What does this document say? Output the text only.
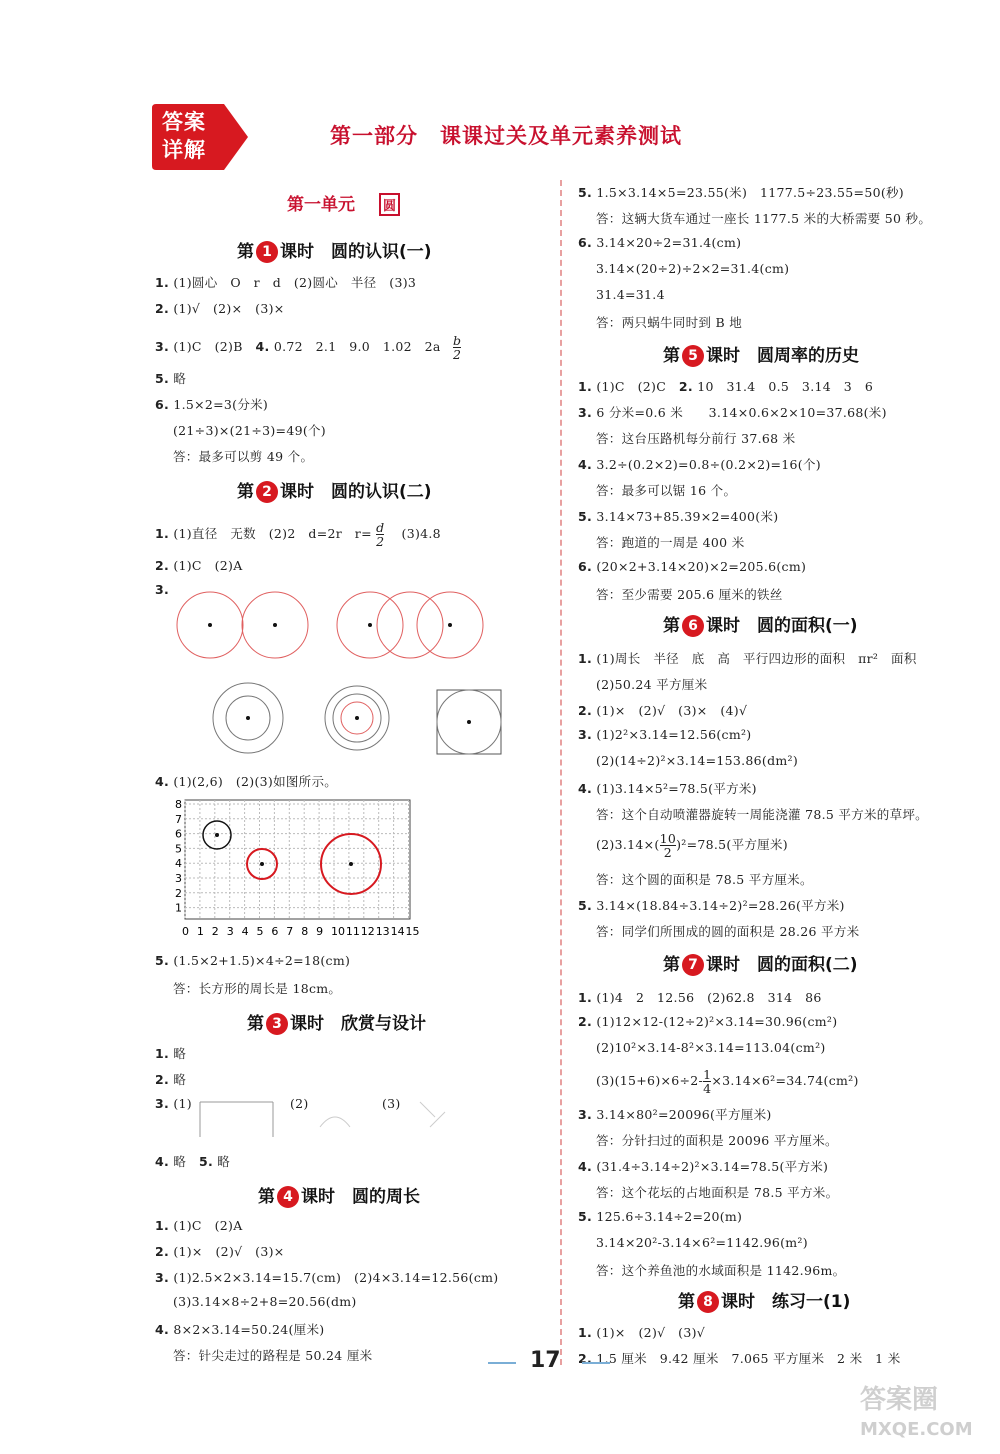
答案
详解
第一部分　课课过关及单元素养测试
第一单元 圆
第 1 课时　圆的认识(一)
1. (1)圆心　O　r　d　(2)圆心　半径　(3)3
2. (1)√　(2)×　(3)×
3. (1)C　(2)B　 4. 0.72　2.1　9.0　1.02　$2a \frac{b}{2}$
5. 略
6. 1.5×2=3(分米)
(21÷3)×(21÷3)=49(个)
答：最多可以剪 49 个。
第 2 课时　圆的认识(二)
1. (1)直径　无数　(2)2　d=2r　$r= \frac{d}{2}$
　 (3)4.8
2. (1)C　(2)A
3.
4. (1)(2,6)　(2)(3)如图所示。
8
7
6
5
4
3
2
1
0 1 2 3 4 5 6 7 8 9 10 11 12 13 14 15
5. (1.5×2+1.5)×4÷2=18(cm)
答：长方形的周长是 18cm。
第 3 课时　欣赏与设计
1. 略
2. 略
3. (1)	(2)	(3)
4. 略　 5. 略
第 4 课时　圆的周长
1. (1)C　(2)A
2. (1)×　(2)√　(3)×
3. (1)2.5×2×3.14=15.7(cm)　(2)4×3.14=12.56(cm)
(3)3.14×8÷2+8=20.56(dm)
4. 8×2×3.14=50.24(厘米)
答：针尖走过的路程是 50.24 厘米
5. 1.5×3.14×5=23.55(米)　1177.5÷23.55=50(秒)
答：这辆大货车通过一座长 1177.5 米的大桥需要 50 秒。
6. 3.14×20÷2=31.4(cm)
3.14×(20÷2)÷2×2=31.4(cm)
31.4=31.4
答：两只蜗牛同时到 B 地
第 5 课时　圆周率的历史
1. (1)C　(2)C　 2. 10　31.4　0.5　3.14　3　6
3. 6 分米=0.6 米　　3.14×0.6×2×10=37.68(米)
答：这台压路机每分前行 37.68 米
4. 3.2÷(0.2×2)=0.8÷(0.2×2)=16(个)
答：最多可以锯 16 个。
5. 3.14×73+85.39×2=400(米)
答：跑道的一周是 400 米
6. (20×2+3.14×20)×2=205.6(cm)
答：至少需要 205.6 厘米的铁丝
第 6 课时　圆的面积(一)
1. (1)周长　半径　底　高　平行四边形的面积　πr²　面积
(2)50.24 平方厘米
2. (1)×　(2)√　(3)×　(4)√
3. (1)2²×3.14=12.56(cm²)
(2)(14÷2)²×3.14=153.86(dm²)
4. (1)3.14×5²=78.5(平方米)
答：这个自动喷灌器旋转一周能浇灌 78.5 平方米的草坪。
$(2)3.14\times( \frac{10}{2} )^2=78.5$(平方厘米)
答：这个圆的面积是 78.5 平方厘米。
5. 3.14×(18.84÷3.14÷2)²=28.26(平方米)
答：同学们所围成的圆的面积是 28.26 平方米
第 7 课时　圆的面积(二)
1. (1)4　2　12.56　(2)62.8　314　86
2. (1)12×12-(12÷2)²×3.14=30.96(cm²)
(2)10²×3.14-8²×3.14=113.04(cm²)
$(3)(15+6)\times 6\div 2- \frac{1}{4} \times 3.14\times 6^2=34.74(cm^2)$
3. 3.14×80²=20096(平方厘米)
答：分针扫过的面积是 20096 平方厘米。
4. (31.4÷3.14÷2)²×3.14=78.5(平方米)
答：这个花坛的占地面积是 78.5 平方米。
5. 125.6÷3.14÷2=20(m)
3.14×20²-3.14×6²=1142.96(m²)
答：这个养鱼池的水域面积是 1142.96m。
第 8 课时　练习一(1)
1. (1)×　(2)√　(3)√
2. 1.5 厘米　9.42 厘米　7.065 平方厘米　2 米　1 米
17
答案圈
MXQE.COM
